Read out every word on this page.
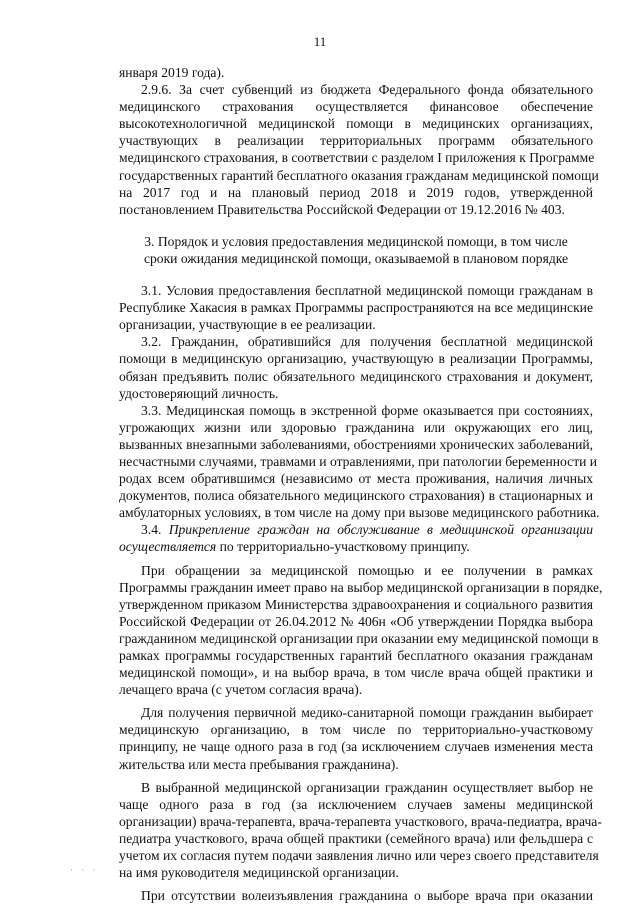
11
января 2019 года).
2.9.6. За счет субвенций из бюджета Федерального фонда обязательного
медицинского страхования осуществляется финансовое обеспечение
высокотехнологичной медицинской помощи в медицинских организациях,
участвующих в реализации территориальных программ обязательного
медицинского страхования, в соответствии с разделом I приложения к Программе
государственных гарантий бесплатного оказания гражданам медицинской помощи
на 2017 год и на плановый период 2018 и 2019 годов, утвержденной
постановлением Правительства Российской Федерации от 19.12.2016 № 403.
3. Порядок и условия предоставления медицинской помощи, в том числе
сроки ожидания медицинской помощи, оказываемой в плановом порядке
3.1. Условия предоставления бесплатной медицинской помощи гражданам в
Республике Хакасия в рамках Программы распространяются на все медицинские
организации, участвующие в ее реализации.
3.2. Гражданин, обратившийся для получения бесплатной медицинской
помощи в медицинскую организацию, участвующую в реализации Программы,
обязан предъявить полис обязательного медицинского страхования и документ,
удостоверяющий личность.
3.3. Медицинская помощь в экстренной форме оказывается при состояниях,
угрожающих жизни или здоровью гражданина или окружающих его лиц,
вызванных внезапными заболеваниями, обострениями хронических заболеваний,
несчастными случаями, травмами и отравлениями, при патологии беременности и
родах всем обратившимся (независимо от места проживания, наличия личных
документов, полиса обязательного медицинского страхования) в стационарных и
амбулаторных условиях, в том числе на дому при вызове медицинского работника.
3.4. Прикрепление граждан на обслуживание в медицинской организации
осуществляется по территориально-участковому принципу.
При обращении за медицинской помощью и ее получении в рамках
Программы гражданин имеет право на выбор медицинской организации в порядке,
утвержденном приказом Министерства здравоохранения и социального развития
Российской Федерации от 26.04.2012 № 406н «Об утверждении Порядка выбора
гражданином медицинской организации при оказании ему медицинской помощи в
рамках программы государственных гарантий бесплатного оказания гражданам
медицинской помощи», и на выбор врача, в том числе врача общей практики и
лечащего врача (с учетом согласия врача).
Для получения первичной медико-санитарной помощи гражданин выбирает
медицинскую организацию, в том числе по территориально-участковому
принципу, не чаще одного раза в год (за исключением случаев изменения места
жительства или места пребывания гражданина).
В выбранной медицинской организации гражданин осуществляет выбор не
чаще одного раза в год (за исключением случаев замены медицинской
организации) врача-терапевта, врача-терапевта участкового, врача-педиатра, врача-
педиатра участкового, врача общей практики (семейного врача) или фельдшера с
учетом их согласия путем подачи заявления лично или через своего представителя
на имя руководителя медицинской организации.
При отсутствии волеизъявления гражданина о выборе врача при оказании
· · ·
